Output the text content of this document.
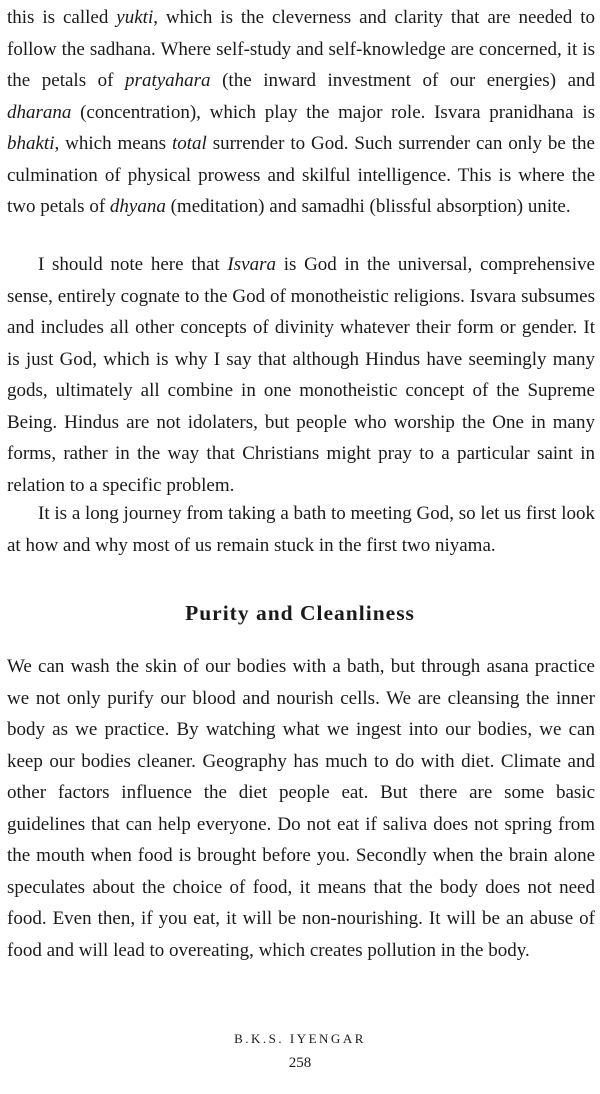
this is called yukti, which is the cleverness and clarity that are needed to follow the sadhana. Where self-study and self-knowledge are concerned, it is the petals of pratyahara (the inward investment of our energies) and dharana (concentration), which play the major role. Isvara pranidhana is bhakti, which means total surrender to God. Such surrender can only be the culmination of physical prowess and skilful intelligence. This is where the two petals of dhyana (meditation) and samadhi (blissful absorption) unite.

I should note here that Isvara is God in the universal, comprehensive sense, entirely cognate to the God of monotheistic religions. Isvara subsumes and includes all other concepts of divinity whatever their form or gender. It is just God, which is why I say that although Hindus have seemingly many gods, ultimately all combine in one monotheistic concept of the Supreme Being. Hindus are not idolaters, but people who worship the One in many forms, rather in the way that Christians might pray to a particular saint in relation to a specific problem.

It is a long journey from taking a bath to meeting God, so let us first look at how and why most of us remain stuck in the first two niyama.

Purity and Cleanliness

We can wash the skin of our bodies with a bath, but through asana practice we not only purify our blood and nourish cells. We are cleansing the inner body as we practice. By watching what we ingest into our bodies, we can keep our bodies cleaner. Geography has much to do with diet. Climate and other factors influence the diet people eat. But there are some basic guidelines that can help everyone. Do not eat if saliva does not spring from the mouth when food is brought before you. Secondly when the brain alone speculates about the choice of food, it means that the body does not need food. Even then, if you eat, it will be non-nourishing. It will be an abuse of food and will lead to overeating, which creates pollution in the body.

B.K.S. IYENGAR
258
